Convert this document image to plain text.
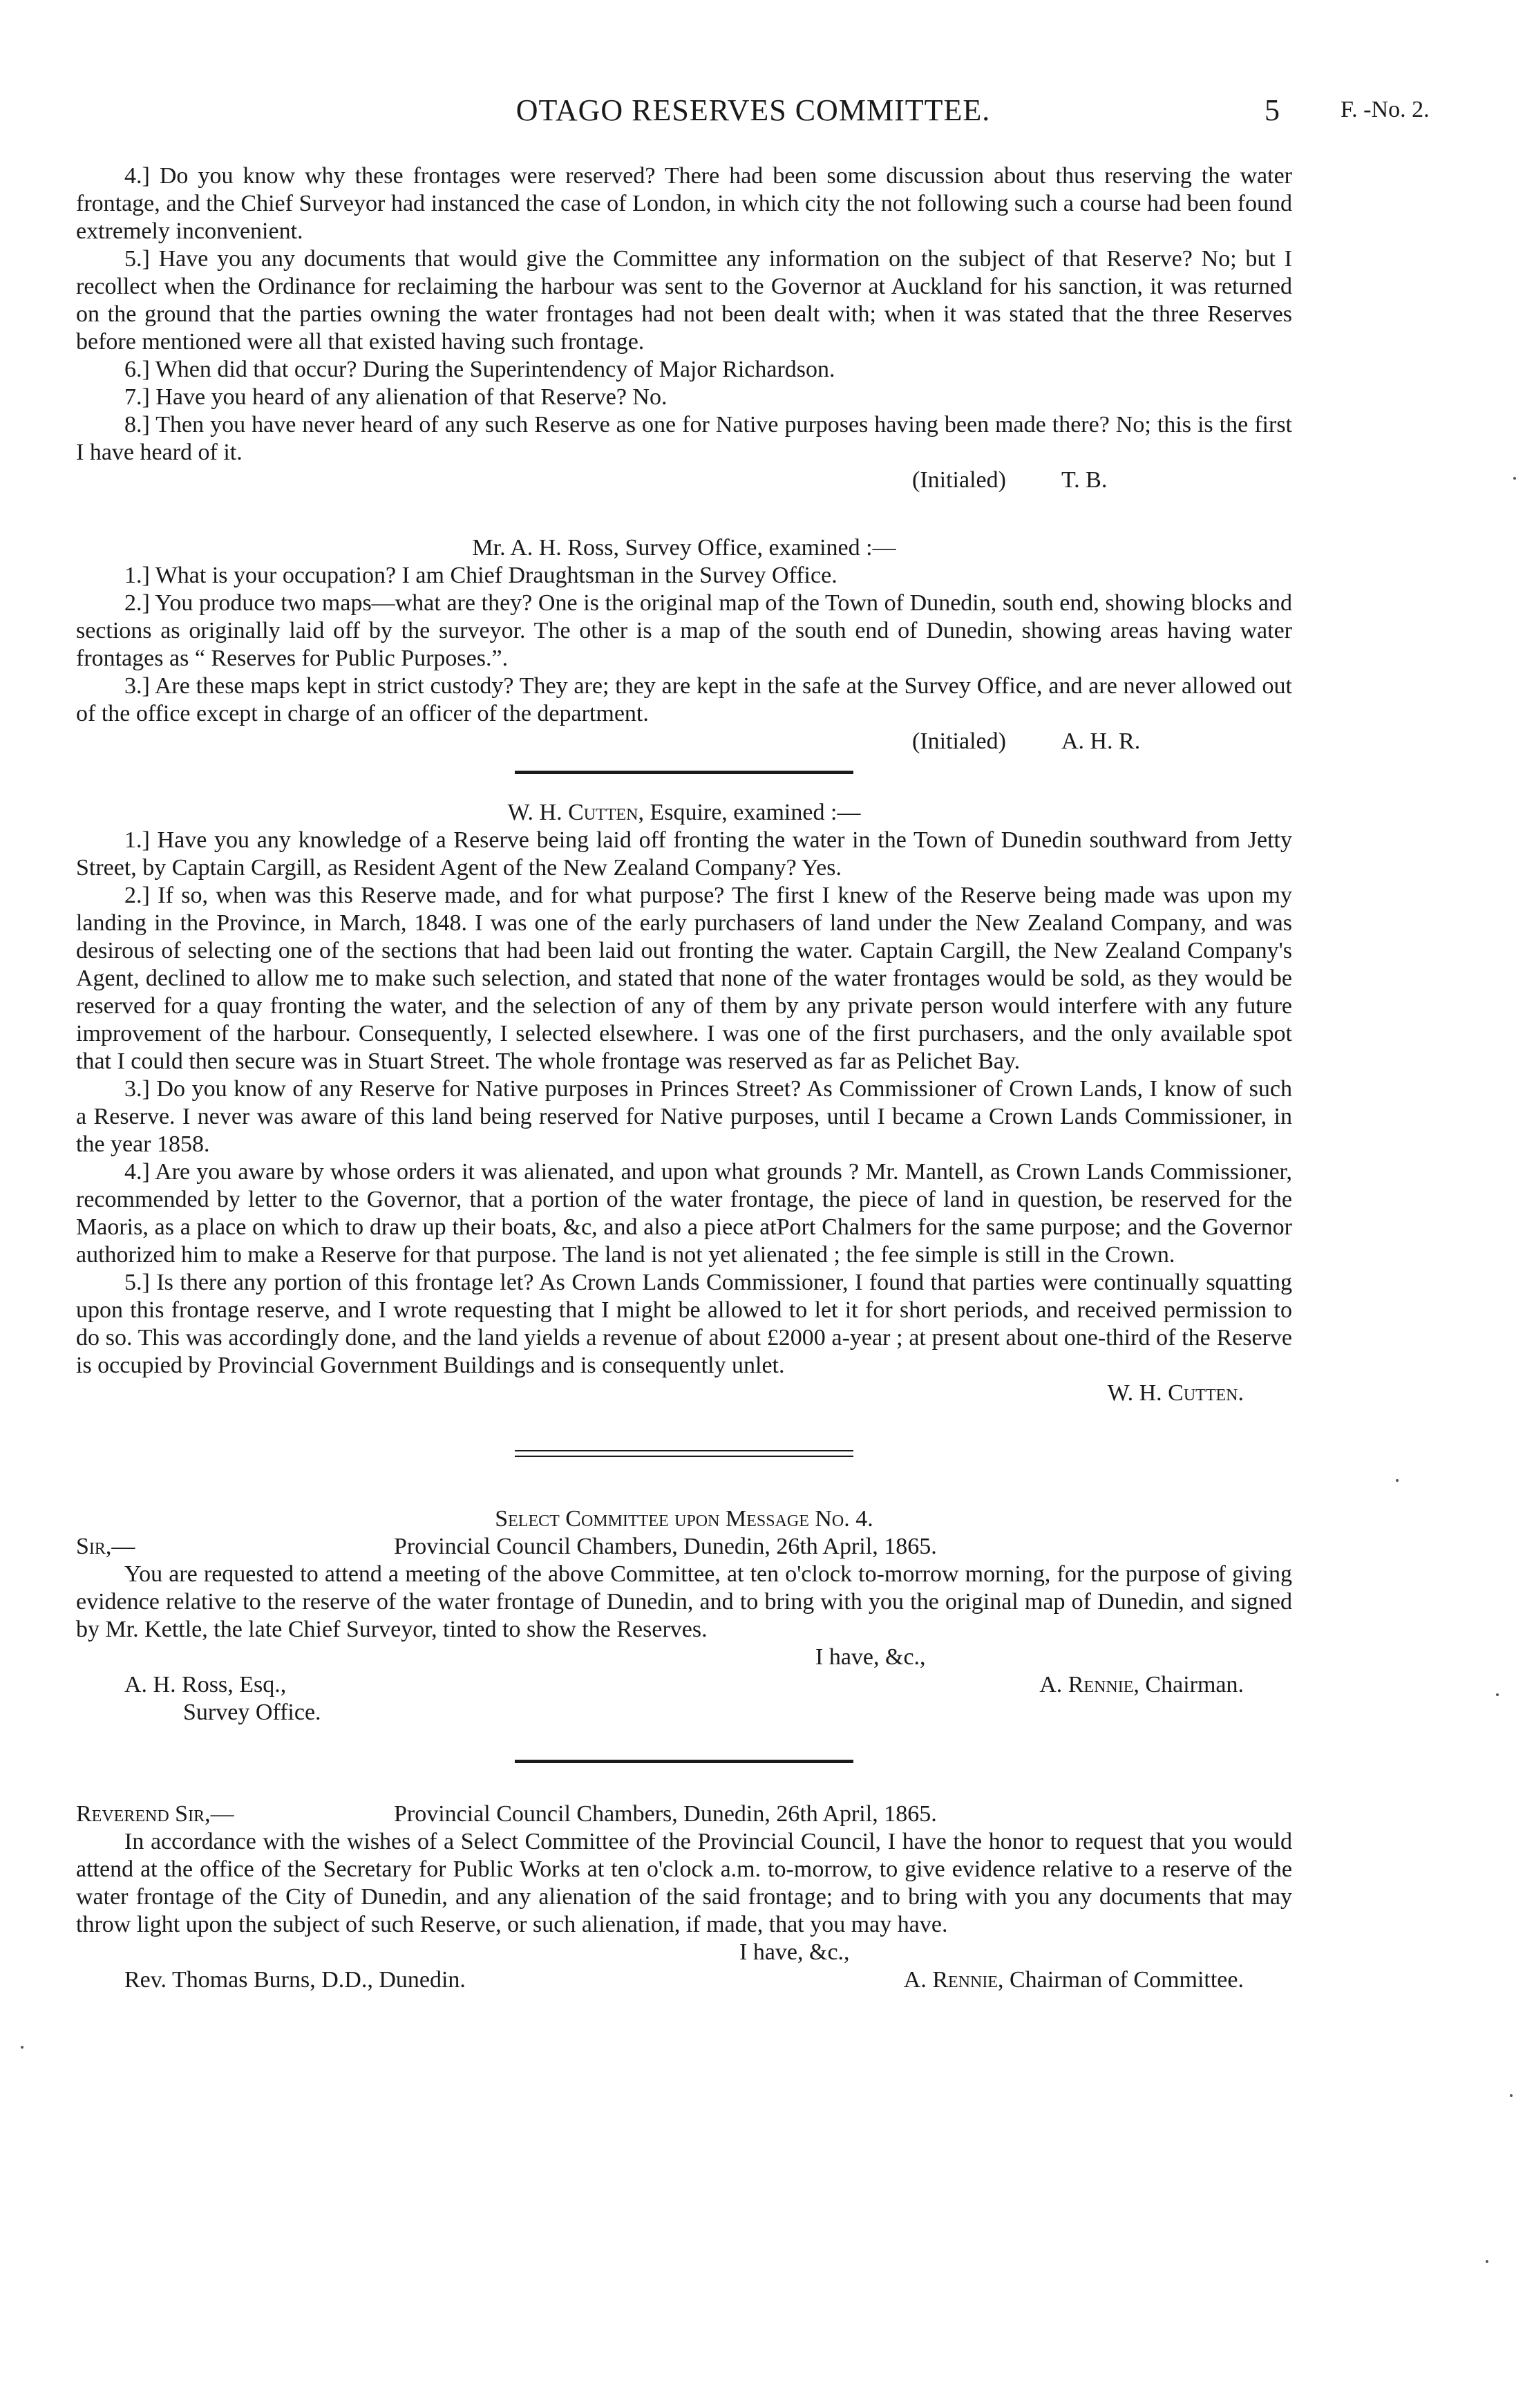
OTAGO RESERVES COMMITTEE.	5	F. -No. 2.

4.] Do you know why these frontages were reserved? There had been some discussion about thus reserving the water frontage, and the Chief Surveyor had instanced the case of London, in which city the not following such a course had been found extremely inconvenient.

5.] Have you any documents that would give the Committee any information on the subject of that Reserve? No; but I recollect when the Ordinance for reclaiming the harbour was sent to the Governor at Auckland for his sanction, it was returned on the ground that the parties owning the water frontages had not been dealt with; when it was stated that the three Reserves before mentioned were all that existed having such frontage.

6.] When did that occur? During the Superintendency of Major Richardson.

7.] Have you heard of any alienation of that Reserve? No.

8.] Then you have never heard of any such Reserve as one for Native purposes having been made there? No; this is the first I have heard of it.

(Initialed) T. B.

Mr. A. H. Ross, Survey Office, examined :—

1.] What is your occupation? I am Chief Draughtsman in the Survey Office.

2.] You produce two maps—what are they? One is the original map of the Town of Dunedin, south end, showing blocks and sections as originally laid off by the surveyor. The other is a map of the south end of Dunedin, showing areas having water frontages as “ Reserves for Public Purposes.”.

3.] Are these maps kept in strict custody? They are; they are kept in the safe at the Survey Office, and are never allowed out of the office except in charge of an officer of the department.

(Initialed) A. H. R.

W. H. Cutten, Esquire, examined :—

1.] Have you any knowledge of a Reserve being laid off fronting the water in the Town of Dunedin southward from Jetty Street, by Captain Cargill, as Resident Agent of the New Zealand Company? Yes.

2.] If so, when was this Reserve made, and for what purpose? The first I knew of the Reserve being made was upon my landing in the Province, in March, 1848. I was one of the early purchasers of land under the New Zealand Company, and was desirous of selecting one of the sections that had been laid out fronting the water. Captain Cargill, the New Zealand Company's Agent, declined to allow me to make such selection, and stated that none of the water frontages would be sold, as they would be reserved for a quay fronting the water, and the selection of any of them by any private person would interfere with any future improvement of the harbour. Consequently, I selected elsewhere. I was one of the first purchasers, and the only available spot that I could then secure was in Stuart Street. The whole frontage was reserved as far as Pelichet Bay.

3.] Do you know of any Reserve for Native purposes in Princes Street? As Commissioner of Crown Lands, I know of such a Reserve. I never was aware of this land being reserved for Native purposes, until I became a Crown Lands Commissioner, in the year 1858.

4.] Are you aware by whose orders it was alienated, and upon what grounds ? Mr. Mantell, as Crown Lands Commissioner, recommended by letter to the Governor, that a portion of the water frontage, the piece of land in question, be reserved for the Maoris, as a place on which to draw up their boats, &c, and also a piece atPort Chalmers for the same purpose; and the Governor authorized him to make a Reserve for that purpose. The land is not yet alienated ; the fee simple is still in the Crown.

5.] Is there any portion of this frontage let? As Crown Lands Commissioner, I found that parties were continually squatting upon this frontage reserve, and I wrote requesting that I might be allowed to let it for short periods, and received permission to do so. This was accordingly done, and the land yields a revenue of about £2000 a-year ; at present about one-third of the Reserve is occupied by Provincial Government Buildings and is consequently unlet.

W. H. Cutten.

Select Committee upon Message No. 4.

Sir,—	Provincial Council Chambers, Dunedin, 26th April, 1865.

You are requested to attend a meeting of the above Committee, at ten o'clock to-morrow morning, for the purpose of giving evidence relative to the reserve of the water frontage of Dunedin, and to bring with you the original map of Dunedin, and signed by Mr. Kettle, the late Chief Surveyor, tinted to show the Reserves.

I have, &c.,

A. H. Ross, Esq.,	A. Rennie, Chairman.

Survey Office.

Reverend Sir,—	Provincial Council Chambers, Dunedin, 26th April, 1865.

In accordance with the wishes of a Select Committee of the Provincial Council, I have the honor to request that you would attend at the office of the Secretary for Public Works at ten o'clock a.m. to-morrow, to give evidence relative to a reserve of the water frontage of the City of Dunedin, and any alienation of the said frontage; and to bring with you any documents that may throw light upon the subject of such Reserve, or such alienation, if made, that you may have.

I have, &c.,

Rev. Thomas Burns, D.D., Dunedin.	A. Rennie, Chairman of Committee.
